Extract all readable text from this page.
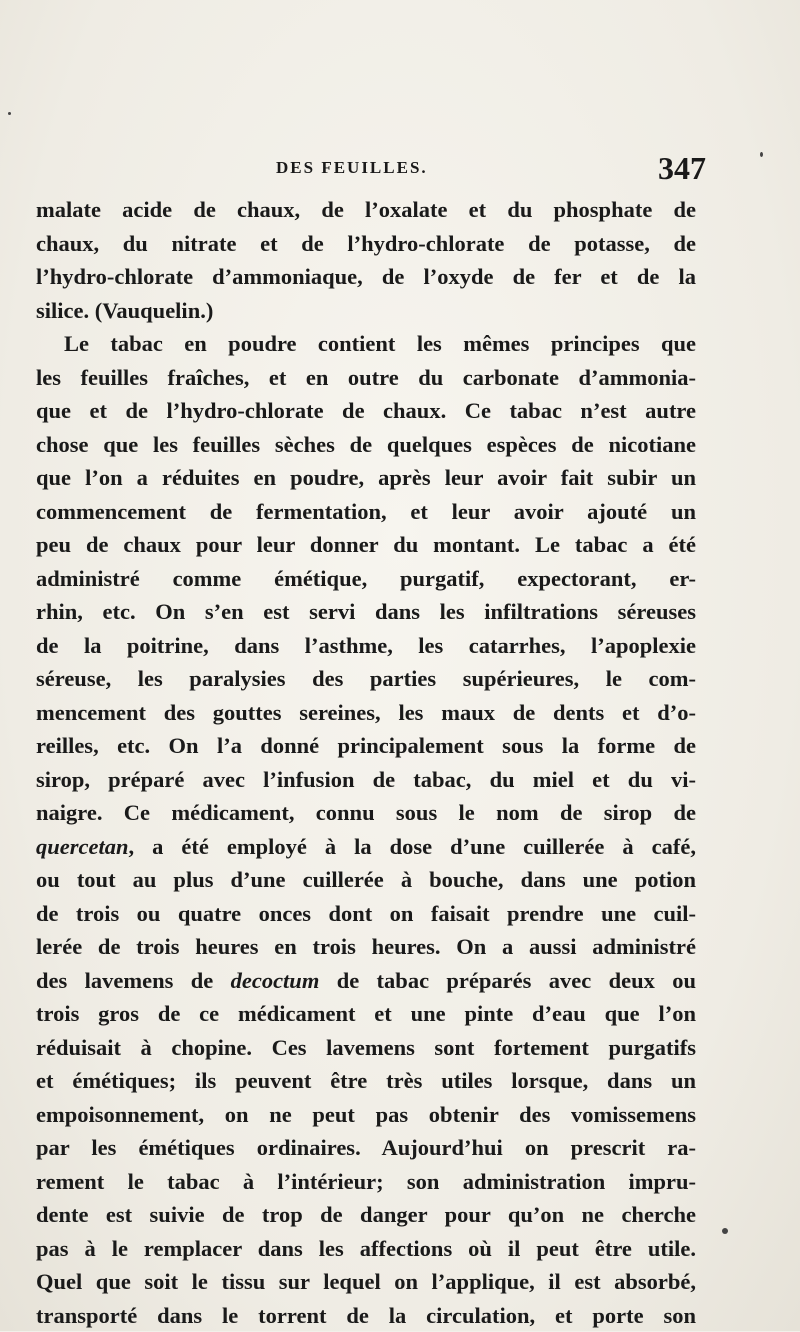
DES FEUILLES.	347
malate acide de chaux, de l’oxalate et du phosphate de
chaux, du nitrate et de l’hydro-chlorate de potasse, de
l’hydro-chlorate d’ammoniaque, de l’oxyde de fer et de la
silice. (Vauquelin.)
Le tabac en poudre contient les mêmes principes que
les feuilles fraîches, et en outre du carbonate d’ammonia-
que et de l’hydro-chlorate de chaux. Ce tabac n’est autre
chose que les feuilles sèches de quelques espèces de nicotiane
que l’on a réduites en poudre, après leur avoir fait subir un
commencement de fermentation, et leur avoir ajouté un
peu de chaux pour leur donner du montant. Le tabac a été
administré comme émétique, purgatif, expectorant, er-
rhin, etc. On s’en est servi dans les infiltrations séreuses
de la poitrine, dans l’asthme, les catarrhes, l’apoplexie
séreuse, les paralysies des parties supérieures, le com-
mencement des gouttes sereines, les maux de dents et d’o-
reilles, etc. On l’a donné principalement sous la forme de
sirop, préparé avec l’infusion de tabac, du miel et du vi-
naigre. Ce médicament, connu sous le nom de sirop de
quercetan, a été employé à la dose d’une cuillerée à café,
ou tout au plus d’une cuillerée à bouche, dans une potion
de trois ou quatre onces dont on faisait prendre une cuil-
lerée de trois heures en trois heures. On a aussi administré
des lavemens de decoctum de tabac préparés avec deux ou
trois gros de ce médicament et une pinte d’eau que l’on
réduisait à chopine. Ces lavemens sont fortement purgatifs
et émétiques; ils peuvent être très utiles lorsque, dans un
empoisonnement, on ne peut pas obtenir des vomissemens
par les émétiques ordinaires. Aujourd’hui on prescrit ra-
rement le tabac à l’intérieur; son administration impru-
dente est suivie de trop de danger pour qu’on ne cherche
pas à le remplacer dans les affections où il peut être utile.
Quel que soit le tissu sur lequel on l’applique, il est absorbé,
transporté dans le torrent de la circulation, et porte son
